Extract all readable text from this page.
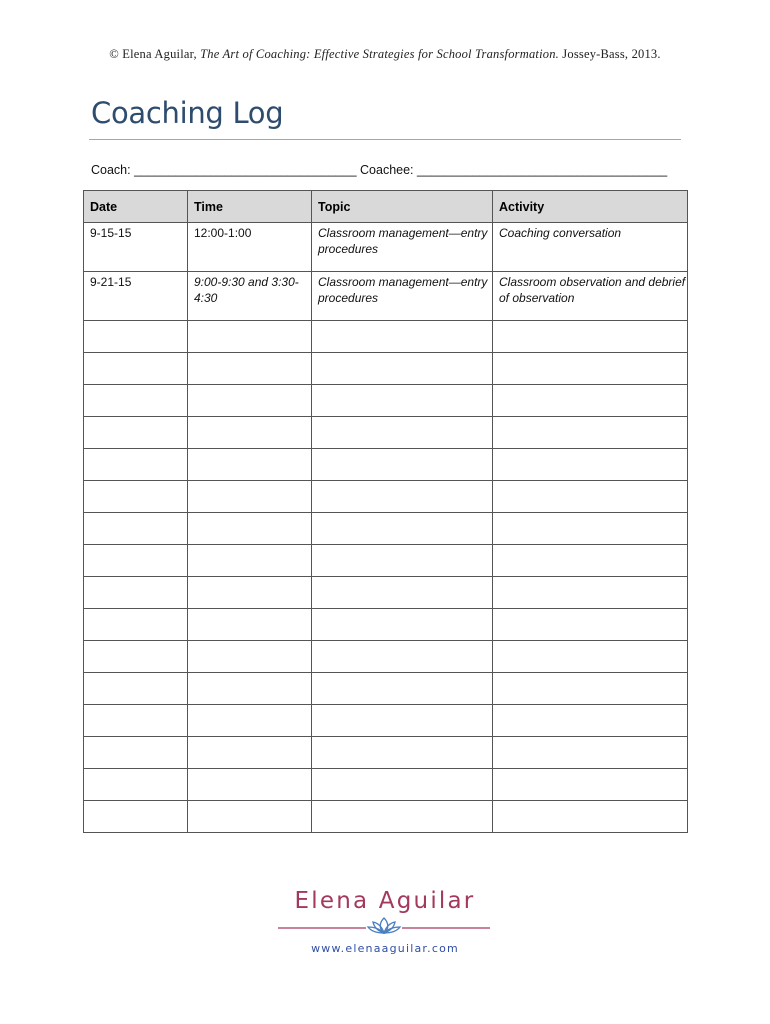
© Elena Aguilar, The Art of Coaching: Effective Strategies for School Transformation. Jossey-Bass, 2013.
Coaching Log
Coach: ________________________________ Coachee: ____________________________________
Date	Time	Topic	Activity
9-15-15	12:00-1:00	Classroom management—entry procedures	Coaching conversation
9-21-15	9:00-9:30 and 3:30-4:30	Classroom management—entry procedures	Classroom observation and debrief of observation

Elena Aguilar
www.elenaaguilar.com
